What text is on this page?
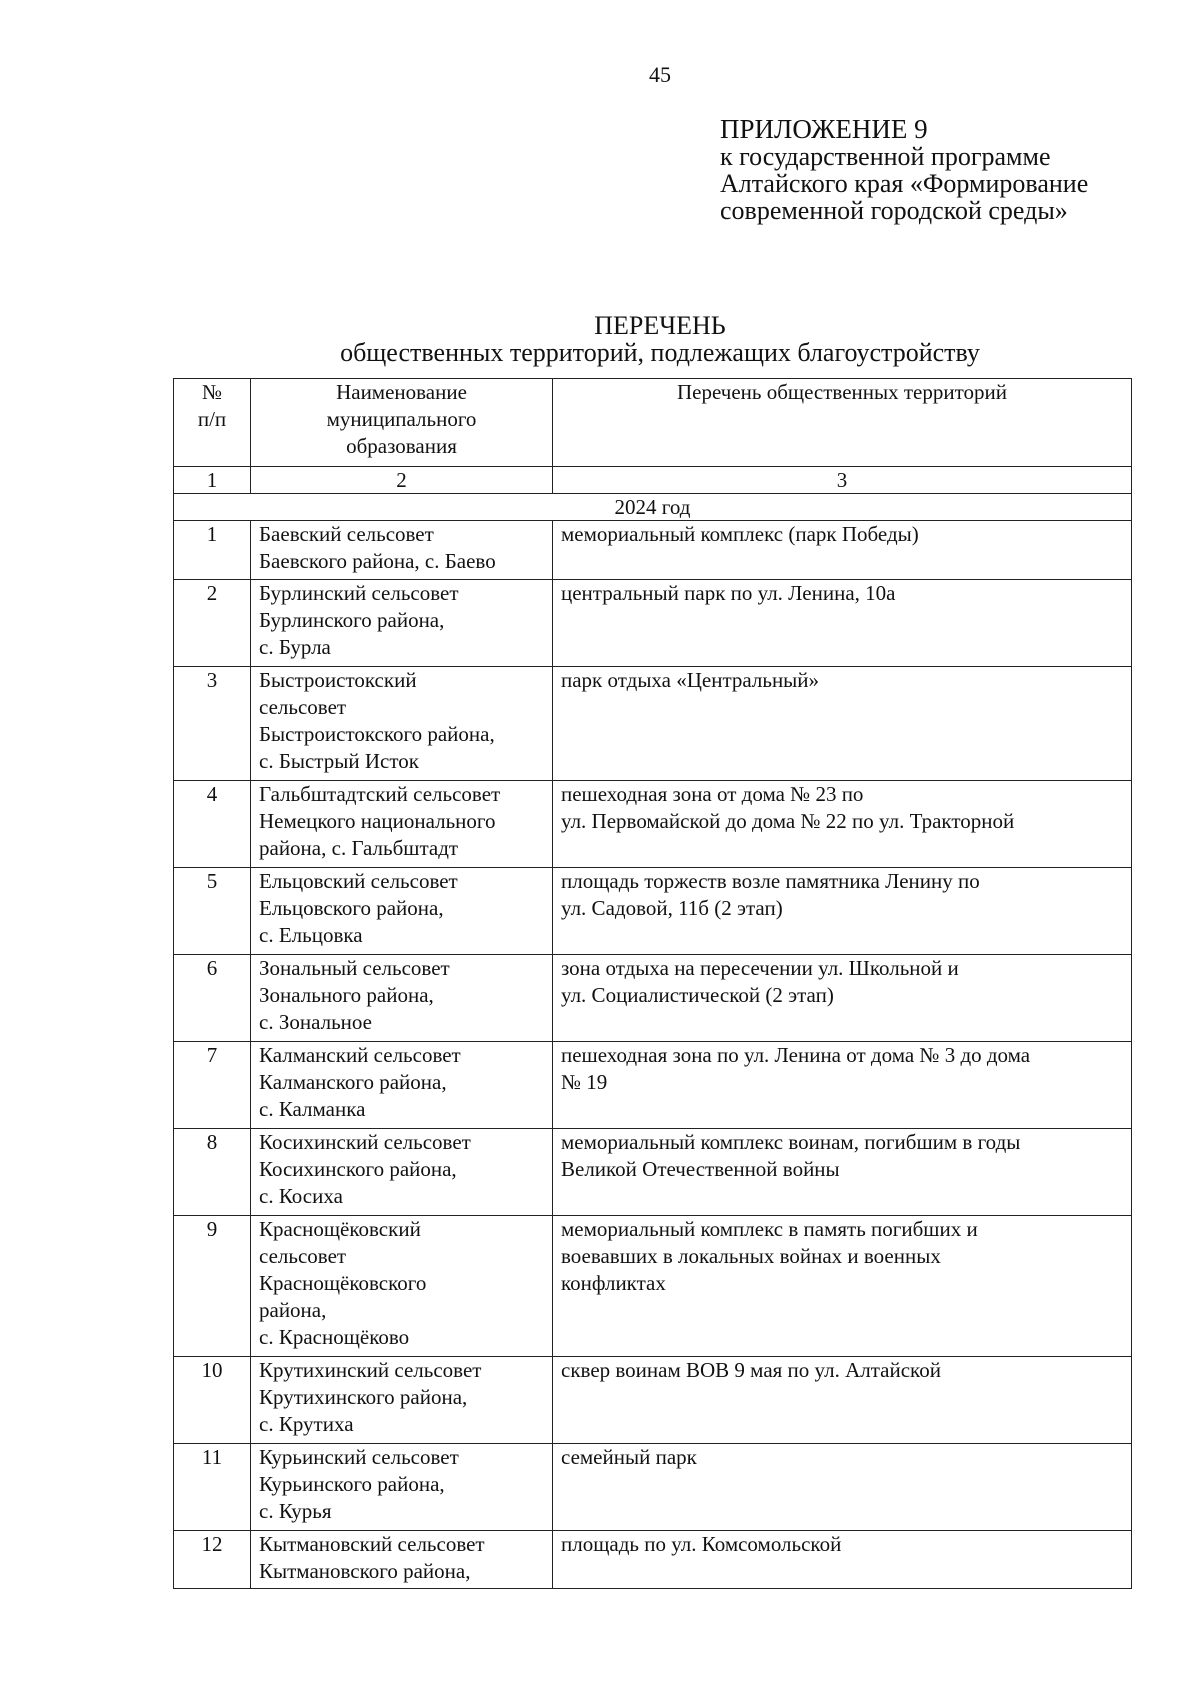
45
ПРИЛОЖЕНИЕ 9
к государственной программе
Алтайского края «Формирование
современной городской среды»
ПЕРЕЧЕНЬ
общественных территорий, подлежащих благоустройству
№
п/п	Наименование
муниципального
образования	Перечень общественных территорий
1	2	3
2024 год		
1	Баевский сельсовет
Баевского района, с. Баево	мемориальный комплекс (парк Победы)
2	Бурлинский сельсовет
Бурлинского района,
с. Бурла	центральный парк по ул. Ленина, 10а
3	Быстроистокский
сельсовет
Быстроистокского района,
с. Быстрый Исток	парк отдыха «Центральный»
4	Гальбштадтский сельсовет
Немецкого национального
района, с. Гальбштадт	пешеходная зона от дома № 23 по
ул. Первомайской до дома № 22 по ул. Тракторной
5	Ельцовский сельсовет
Ельцовского района,
с. Ельцовка	площадь торжеств возле памятника Ленину по
ул. Садовой, 11б (2 этап)
6	Зональный сельсовет
Зонального района,
с. Зональное	зона отдыха на пересечении ул. Школьной и
ул. Социалистической (2 этап)
7	Калманский сельсовет
Калманского района,
с. Калманка	пешеходная зона по ул. Ленина от дома № 3 до дома
№ 19
8	Косихинский сельсовет
Косихинского района,
с. Косиха	мемориальный комплекс воинам, погибшим в годы
Великой Отечественной войны
9	Краснощёковский
сельсовет
Краснощёковского
района,
с. Краснощёково	мемориальный комплекс в память погибших и
воевавших в локальных войнах и военных
конфликтах
10	Крутихинский сельсовет
Крутихинского района,
с. Крутиха	сквер воинам ВОВ 9 мая по ул. Алтайской
11	Курьинский сельсовет
Курьинского района,
с. Курья	семейный парк
12	Кытмановский сельсовет
Кытмановского района,	площадь по ул. Комсомольской
